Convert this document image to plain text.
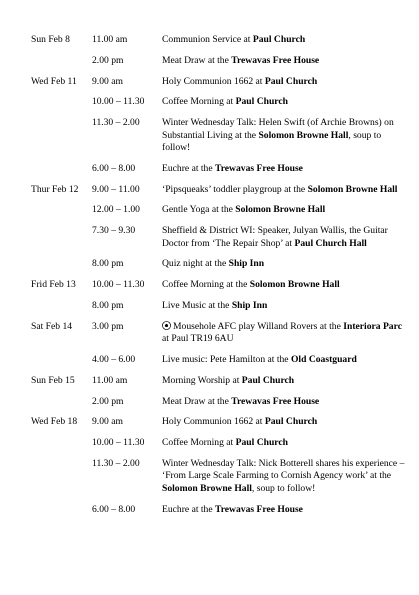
Sun Feb 8	11.00 am	Communion Service at Paul Church
	2.00 pm	Meat Draw at the Trewavas Free House
Wed Feb 11	9.00 am	Holy Communion 1662 at Paul Church
	10.00 – 11.30	Coffee Morning at Paul Church
	11.30 – 2.00	Winter Wednesday Talk: Helen Swift (of Archie Browns) on Substantial Living at the Solomon Browne Hall, soup to follow!
	6.00 – 8.00	Euchre at the Trewavas Free House
Thur Feb 12	9.00 – 11.00	‘Pipsqueaks’ toddler playgroup at the Solomon Browne Hall
	12.00 – 1.00	Gentle Yoga at the Solomon Browne Hall
	7.30 – 9.30	Sheffield & District WI: Speaker, Julyan Wallis, the Guitar Doctor from ‘The Repair Shop’ at Paul Church Hall
	8.00 pm	Quiz night at the Ship Inn
Frid Feb 13	10.00 – 11.30	Coffee Morning at the Solomon Browne Hall
	8.00 pm	Live Music at the Ship Inn
Sat Feb 14	3.00 pm	Mousehole AFC play Willand Rovers at the Interiora Parc at Paul TR19 6AU
	4.00 – 6.00	Live music: Pete Hamilton at the Old Coastguard
Sun Feb 15	11.00 am	Morning Worship at Paul Church
	2.00 pm	Meat Draw at the Trewavas Free House
Wed Feb 18	9.00 am	Holy Communion 1662 at Paul Church
	10.00 – 11.30	Coffee Morning at Paul Church
	11.30 – 2.00	Winter Wednesday Talk: Nick Botterell shares his experience – ‘From Large Scale Farming to Cornish Agency work’ at the Solomon Browne Hall, soup to follow!
	6.00 – 8.00	Euchre at the Trewavas Free House
